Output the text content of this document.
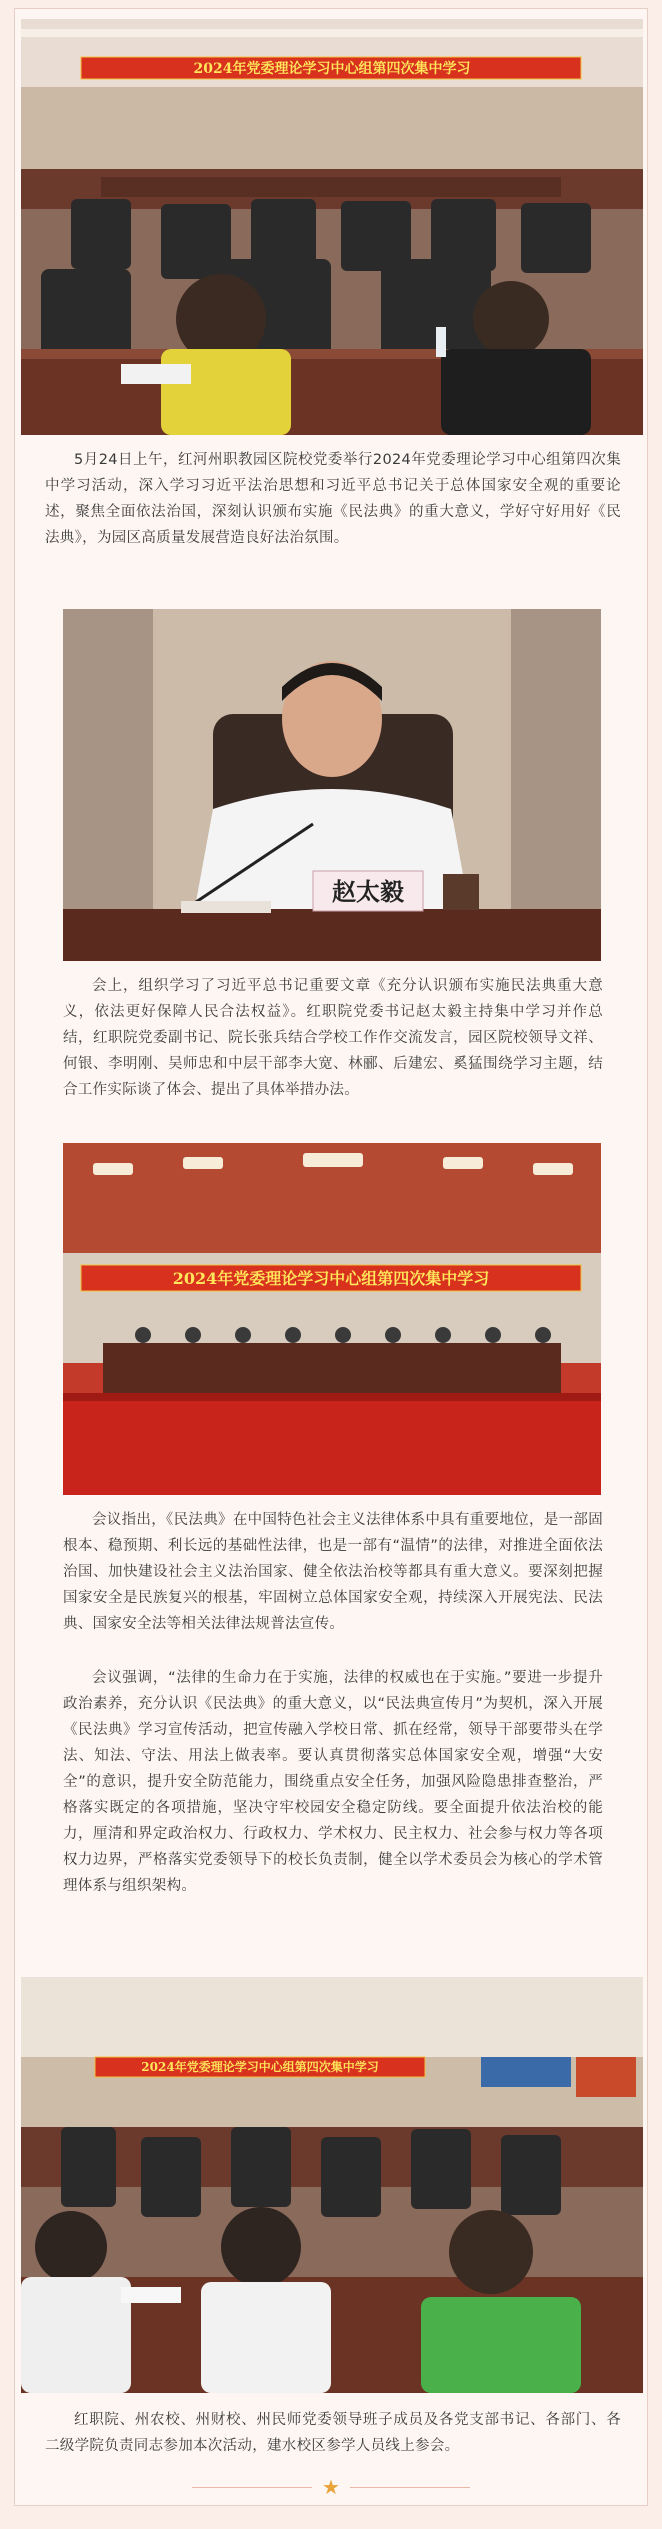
2024年党委理论学习中心组第四次集中学习

5月24日上午，红河州职教园区院校党委举行2024年党委理论学习中心组第四次集中学习活动，深入学习习近平法治思想和习近平总书记关于总体国家安全观的重要论述，聚焦全面依法治国，深刻认识颁布实施《民法典》的重大意义，学好守好用好《民法典》，为园区高质量发展营造良好法治氛围。

赵太毅

会上，组织学习了习近平总书记重要文章《充分认识颁布实施民法典重大意义，依法更好保障人民合法权益》。红职院党委书记赵太毅主持集中学习并作总结，红职院党委副书记、院长张兵结合学校工作作交流发言，园区院校领导文祥、何银、李明刚、吴师忠和中层干部李大宽、林郦、后建宏、奚猛围绕学习主题，结合工作实际谈了体会、提出了具体举措办法。

2024年党委理论学习中心组第四次集中学习

会议指出，《民法典》在中国特色社会主义法律体系中具有重要地位，是一部固根本、稳预期、利长远的基础性法律，也是一部有“温情”的法律，对推进全面依法治国、加快建设社会主义法治国家、健全依法治校等都具有重大意义。要深刻把握国家安全是民族复兴的根基，牢固树立总体国家安全观，持续深入开展宪法、民法典、国家安全法等相关法律法规普法宣传。

会议强调，“法律的生命力在于实施，法律的权威也在于实施。”要进一步提升政治素养，充分认识《民法典》的重大意义，以“民法典宣传月”为契机，深入开展《民法典》学习宣传活动，把宣传融入学校日常、抓在经常，领导干部要带头在学法、知法、守法、用法上做表率。要认真贯彻落实总体国家安全观，增强“大安全”的意识，提升安全防范能力，围绕重点安全任务，加强风险隐患排查整治，严格落实既定的各项措施，坚决守牢校园安全稳定防线。要全面提升依法治校的能力，厘清和界定政治权力、行政权力、学术权力、民主权力、社会参与权力等各项权力边界，严格落实党委领导下的校长负责制，健全以学术委员会为核心的学术管理体系与组织架构。

2024年党委理论学习中心组第四次集中学习

红职院、州农校、州财校、州民师党委领导班子成员及各党支部书记、各部门、各二级学院负责同志参加本次活动，建水校区参学人员线上参会。

★
